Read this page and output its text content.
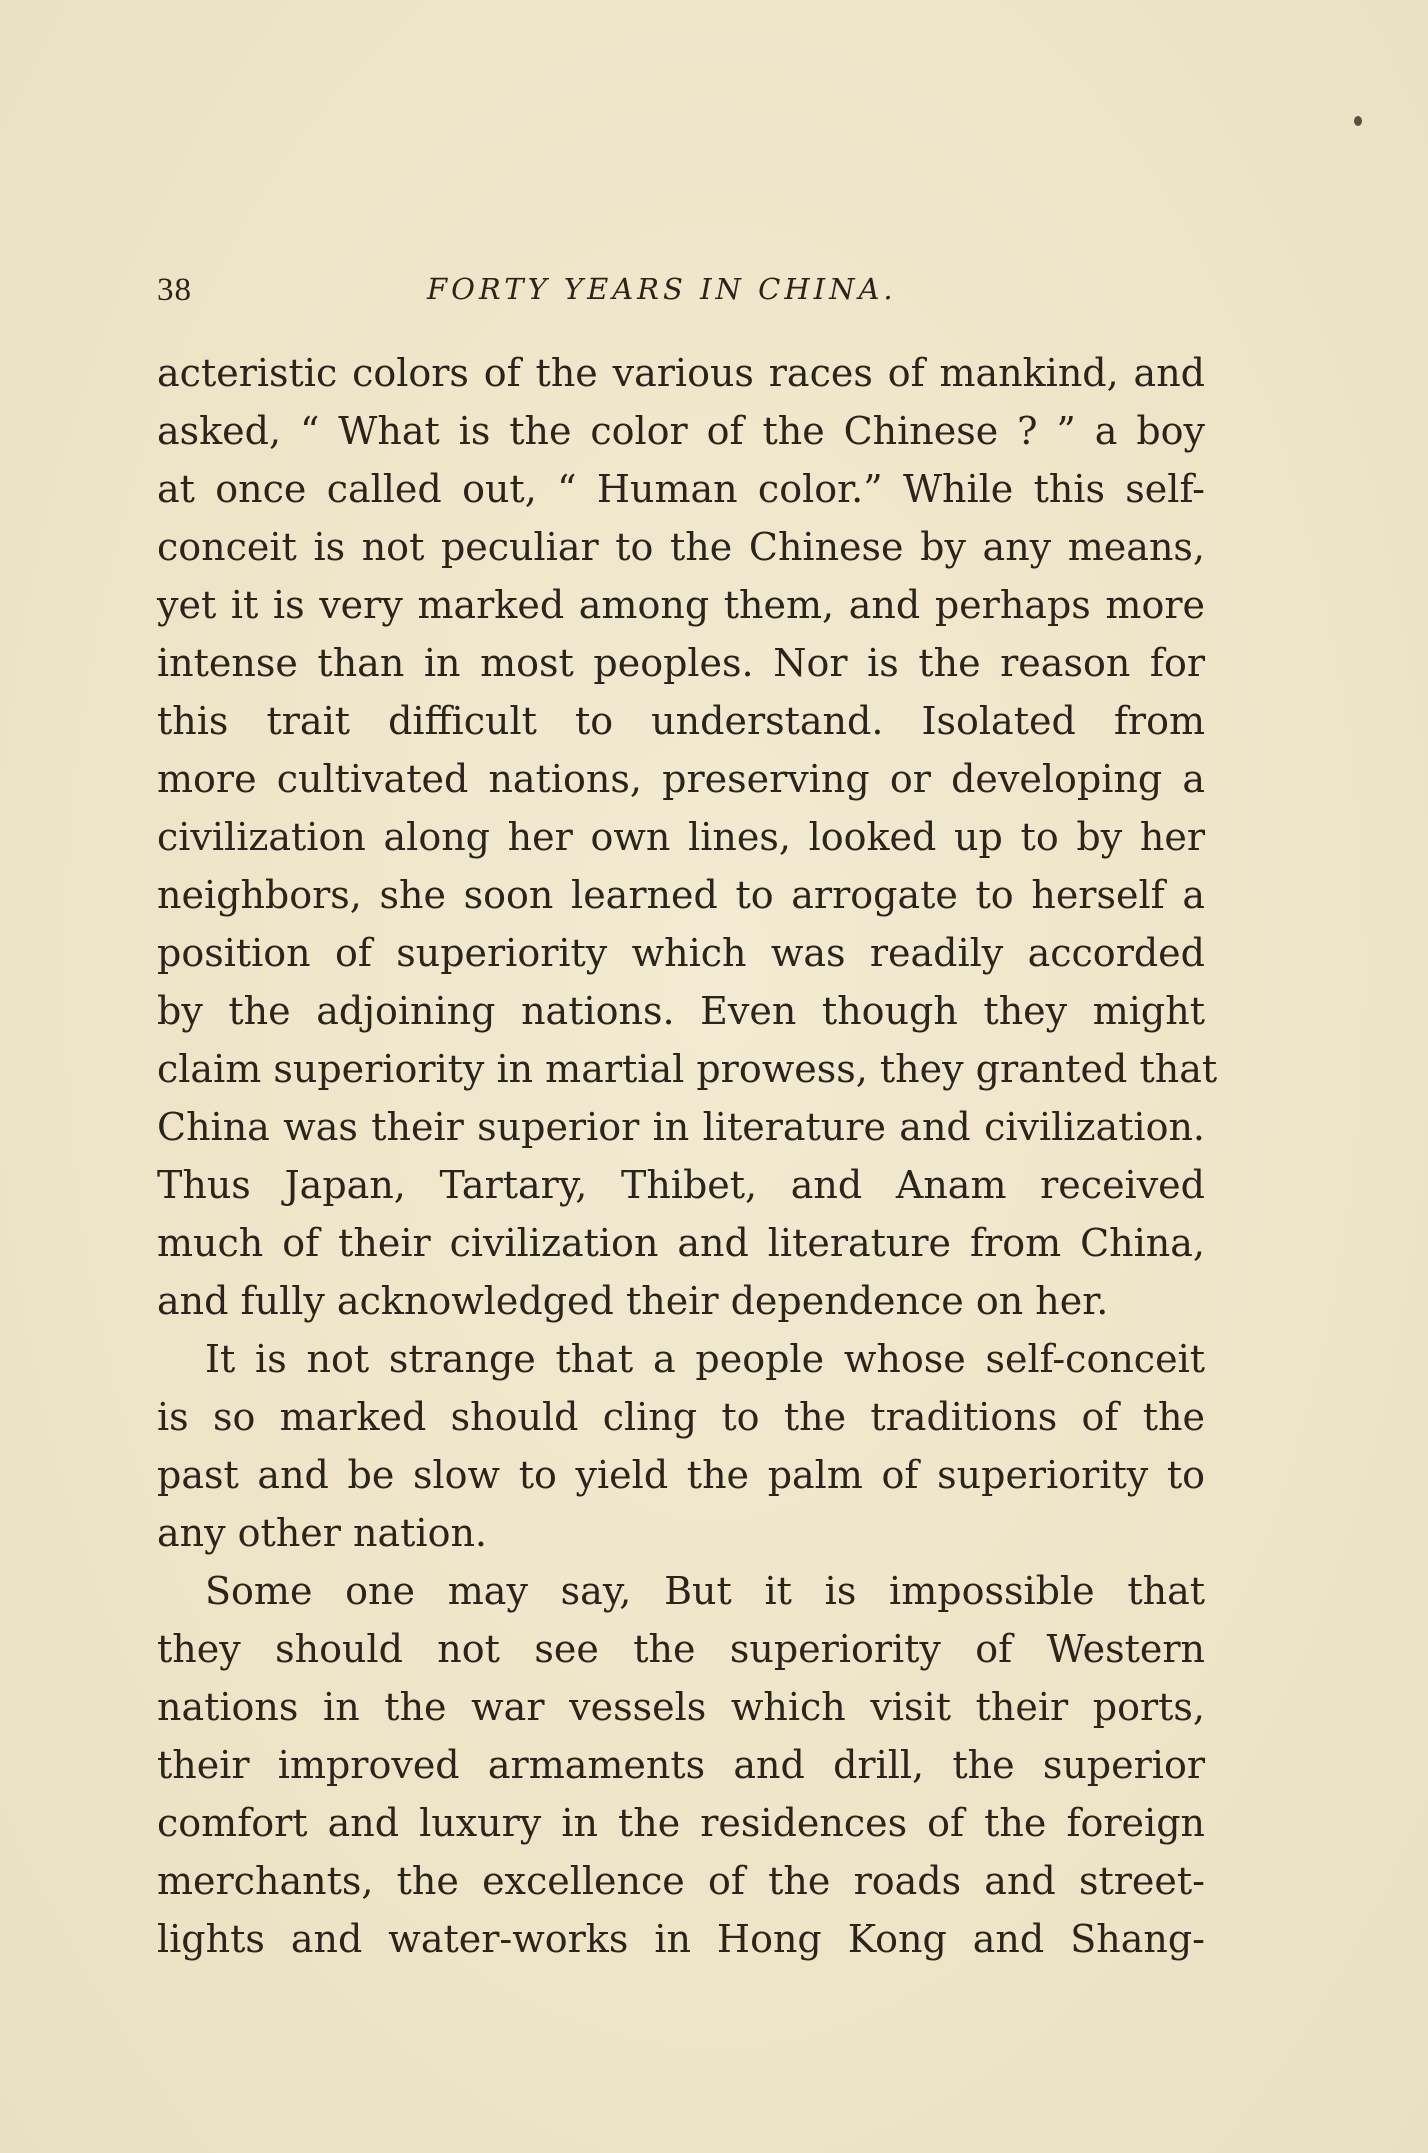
38	FORTY YEARS IN CHINA.
acteristic colors of the various races of mankind, and
asked, “ What is the color of the Chinese ? ” a boy
at once called out, “ Human color.” While this self-
conceit is not peculiar to the Chinese by any means,
yet it is very marked among them, and perhaps more
intense than in most peoples. Nor is the reason for
this trait difficult to understand. Isolated from
more cultivated nations, preserving or developing a
civilization along her own lines, looked up to by her
neighbors, she soon learned to arrogate to herself a
position of superiority which was readily accorded
by the adjoining nations. Even though they might
claim superiority in martial prowess, they granted that
China was their superior in literature and civilization.
Thus Japan, Tartary, Thibet, and Anam received
much of their civilization and literature from China,
and fully acknowledged their dependence on her.
It is not strange that a people whose self-conceit
is so marked should cling to the traditions of the
past and be slow to yield the palm of superiority to
any other nation.
Some one may say, But it is impossible that
they should not see the superiority of Western
nations in the war vessels which visit their ports,
their improved armaments and drill, the superior
comfort and luxury in the residences of the foreign
merchants, the excellence of the roads and street-
lights and water-works in Hong Kong and Shang-
